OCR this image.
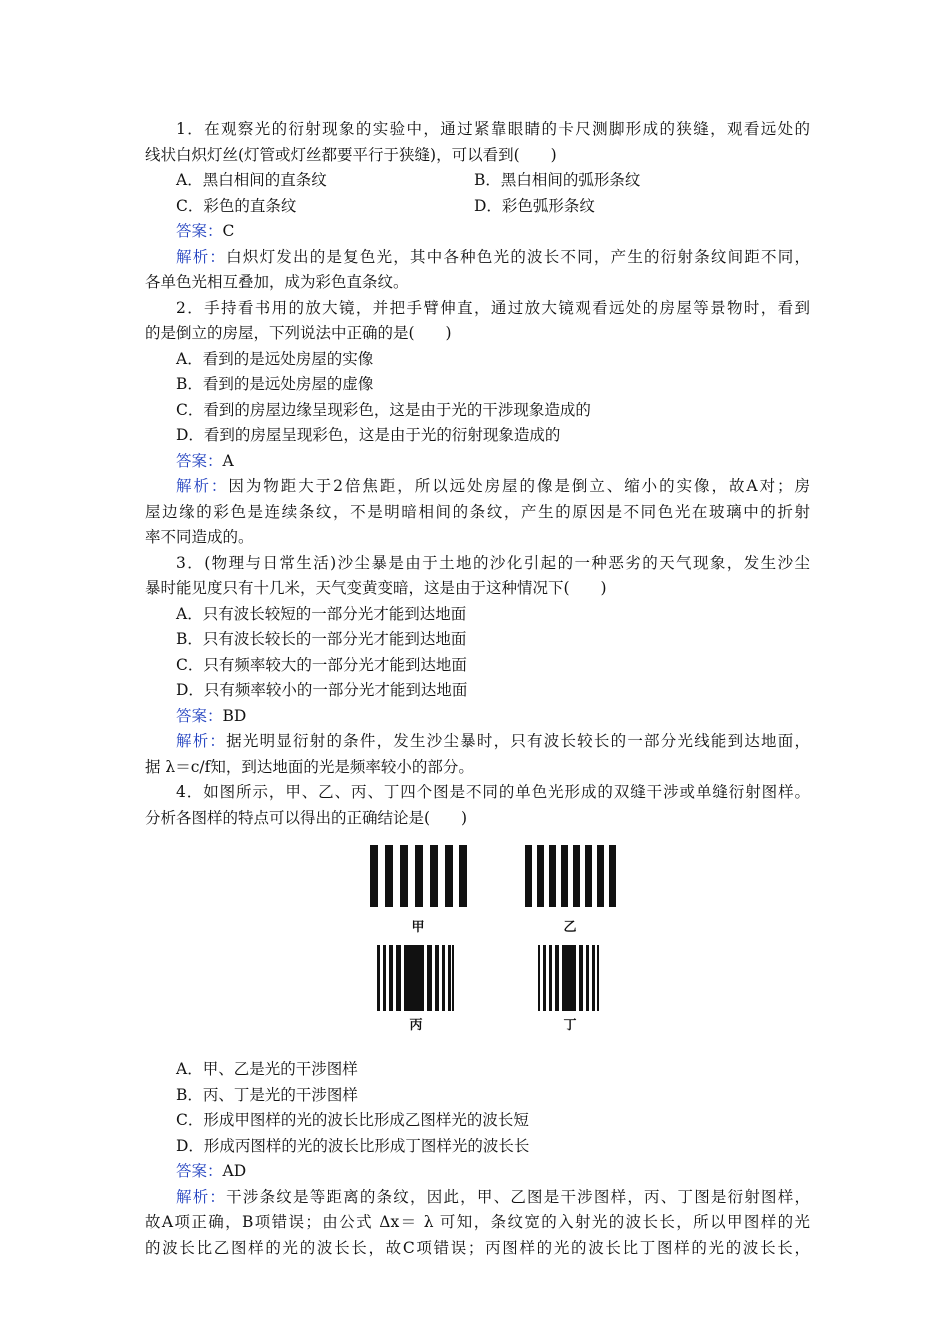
1．在观察光的衍射现象的实验中，通过紧靠眼睛的卡尺测脚形成的狭缝，观看远处的
线状白炽灯丝(灯管或灯丝都要平行于狭缝)，可以看到(　　)
A．黑白相间的直条纹	B．黑白相间的弧形条纹
C．彩色的直条纹	D．彩色弧形条纹
答案：C
解析：白炽灯发出的是复色光，其中各种色光的波长不同，产生的衍射条纹间距不同，
各单色光相互叠加，成为彩色直条纹。
2．手持看书用的放大镜，并把手臂伸直，通过放大镜观看远处的房屋等景物时，看到
的是倒立的房屋，下列说法中正确的是(　　)
A．看到的是远处房屋的实像
B．看到的是远处房屋的虚像
C．看到的房屋边缘呈现彩色，这是由于光的干涉现象造成的
D．看到的房屋呈现彩色，这是由于光的衍射现象造成的
答案：A
解析：因为物距大于2倍焦距，所以远处房屋的像是倒立、缩小的实像，故A对；房
屋边缘的彩色是连续条纹，不是明暗相间的条纹，产生的原因是不同色光在玻璃中的折射
率不同造成的。
3．(物理与日常生活)沙尘暴是由于土地的沙化引起的一种恶劣的天气现象，发生沙尘
暴时能见度只有十几米，天气变黄变暗，这是由于这种情况下(　　)
A．只有波长较短的一部分光才能到达地面
B．只有波长较长的一部分光才能到达地面
C．只有频率较大的一部分光才能到达地面
D．只有频率较小的一部分光才能到达地面
答案：BD
解析：据光明显衍射的条件，发生沙尘暴时，只有波长较长的一部分光线能到达地面，
据 λ＝c/f知，到达地面的光是频率较小的部分。
4．如图所示，甲、乙、丙、丁四个图是不同的单色光形成的双缝干涉或单缝衍射图样。
分析各图样的特点可以得出的正确结论是(　　)
甲	乙
丙	丁
A．甲、乙是光的干涉图样
B．丙、丁是光的干涉图样
C．形成甲图样的光的波长比形成乙图样光的波长短
D．形成丙图样的光的波长比形成丁图样光的波长长
答案：AD
解析：干涉条纹是等距离的条纹，因此，甲、乙图是干涉图样，丙、丁图是衍射图样，
故A项正确，B项错误；由公式 Δx＝ λ 可知，条纹宽的入射光的波长长，所以甲图样的光
的波长比乙图样的光的波长长，故C项错误；丙图样的光的波长比丁图样的光的波长长，
